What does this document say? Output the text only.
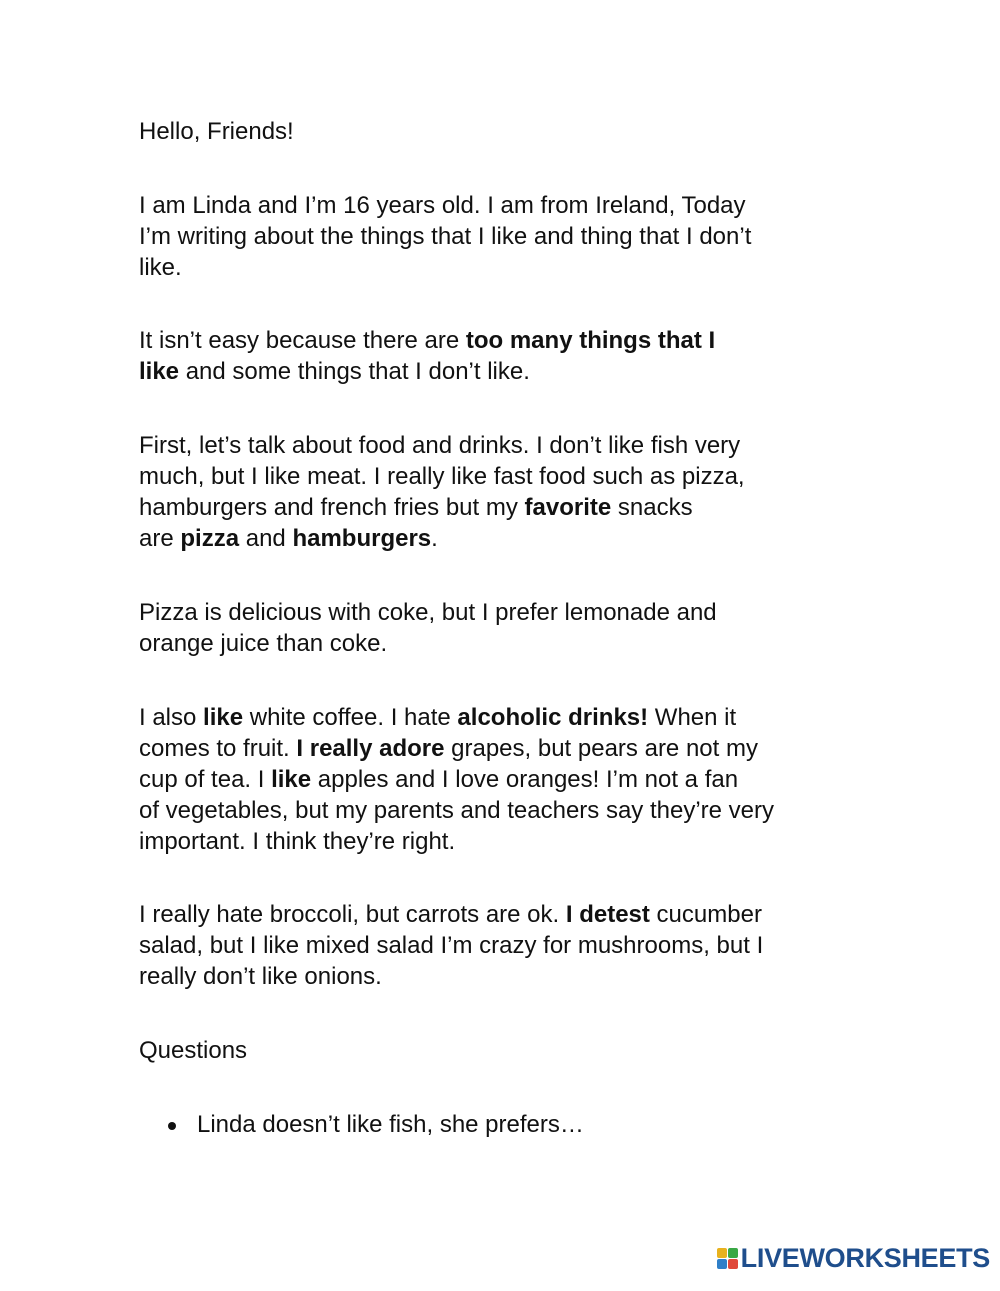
Hello, Friends!

I am Linda and I’m 16 years old. I am from Ireland, Today
I’m writing about the things that I like and thing that I don’t
like.

It isn’t easy because there are too many things that I
like and some things that I don’t like.

First, let’s talk about food and drinks. I don’t like fish very
much, but I like meat. I really like fast food such as pizza,
hamburgers and french fries but my favorite snacks
are pizza and hamburgers.

Pizza is delicious with coke, but I prefer lemonade and
orange juice than coke.

I also like white coffee. I hate alcoholic drinks! When it
comes to fruit. I really adore grapes, but pears are not my
cup of tea. I like apples and I love oranges! I’m not a fan
of vegetables, but my parents and teachers say they’re very
important. I think they’re right.

I really hate broccoli, but carrots are ok. I detest cucumber
salad, but I like mixed salad I’m crazy for mushrooms, but I
really don’t like onions.

Questions

Linda doesn’t like fish, she prefers…
LIVEWORKSHEETS
